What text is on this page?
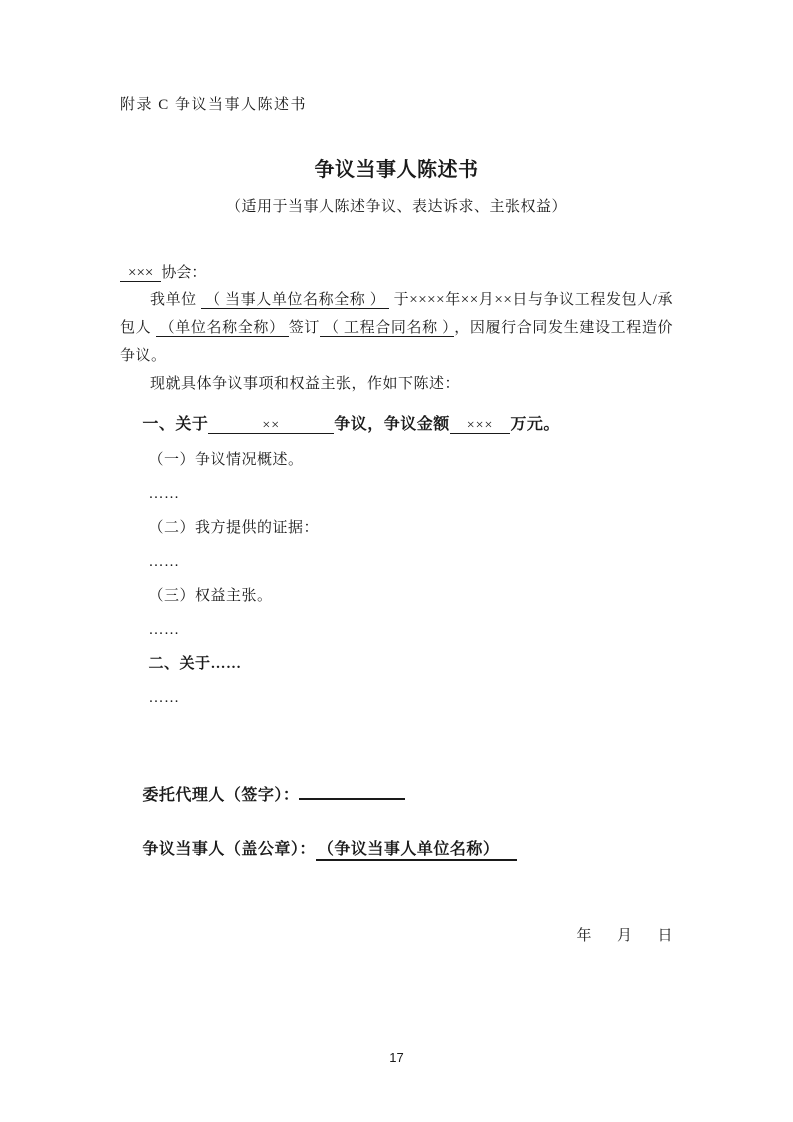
附录 C 争议当事人陈述书
争议当事人陈述书
（适用于当事人陈述争议、表达诉求、主张权益）
××× 协会：

我单位 （ 当事人单位名称全称 ） 于××××年××月××日与争议工程发包人/承包人 （单位名称全称） 签订 （ 工程合同名称 ） ，因履行合同发生建设工程造价争议。

现就具体争议事项和权益主张，作如下陈述：

一、关于	××	争议，争议金额 ××× 万元。
（一）争议情况概述。
……
（二）我方提供的证据：
……
（三）权益主张。
……
二、关于……
……
委托代理人（签字）：
争议当事人（盖公章）： （争议当事人单位名称）
年 月 日
17
